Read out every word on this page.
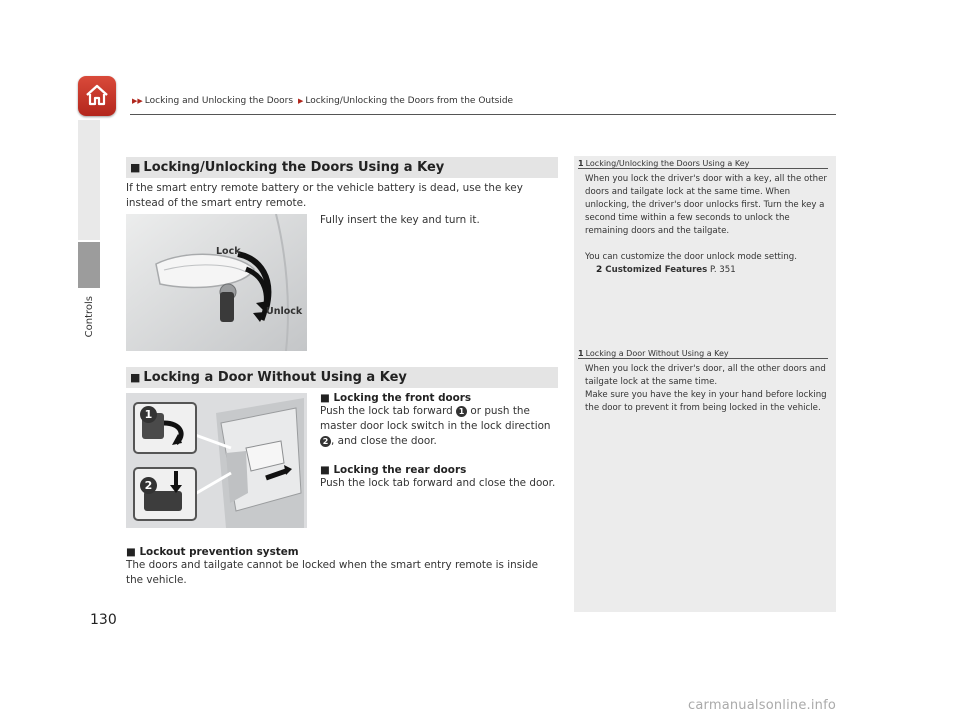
▶▶ Locking and Unlocking the Doors ▶ Locking/Unlocking the Doors from the Outside
Controls
■ Locking/Unlocking the Doors Using a Key
If the smart entry remote battery or the vehicle battery is dead, use the key instead of the smart entry remote.
Lock
Unlock
Fully insert the key and turn it.
■ Locking a Door Without Using a Key
1
2
■ Locking the front doors
Push the lock tab forward 1 or push the master door lock switch in the lock direction 2 , and close the door.
■ Locking the rear doors
Push the lock tab forward and close the door.
■ Lockout prevention system
The doors and tailgate cannot be locked when the smart entry remote is inside the vehicle.
1 Locking/Unlocking the Doors Using a Key
When you lock the driver's door with a key, all the other doors and tailgate lock at the same time. When unlocking, the driver's door unlocks first. Turn the key a second time within a few seconds to unlock the remaining doors and the tailgate.
You can customize the door unlock mode setting.
2 Customized Features P. 351
1 Locking a Door Without Using a Key
When you lock the driver's door, all the other doors and tailgate lock at the same time.
Make sure you have the key in your hand before locking the door to prevent it from being locked in the vehicle.
130
carmanualsonline.info
